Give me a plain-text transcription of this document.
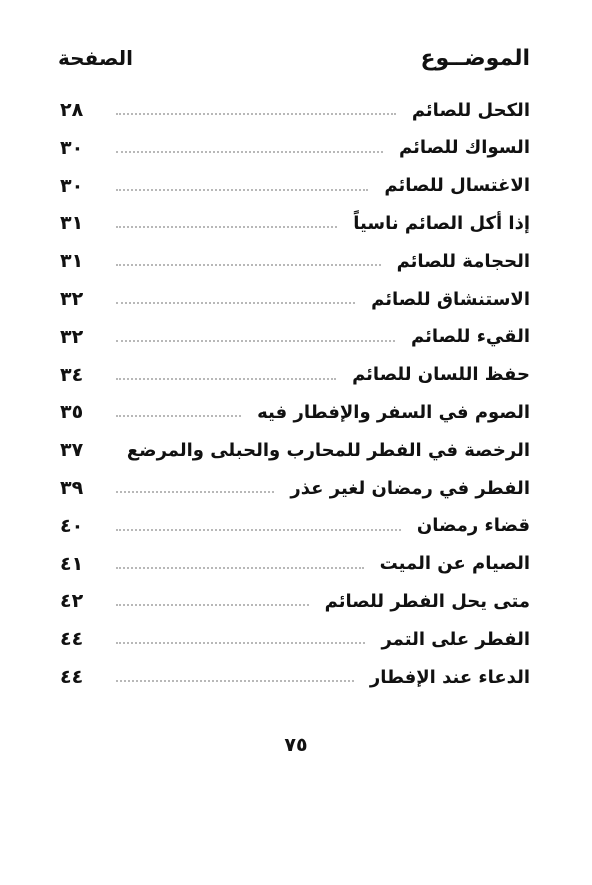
الموضــوع
الصفحة
الكحل للصائم
٢٨
السواك للصائم
٣٠
الاغتسال للصائم
٣٠
إذا أكل الصائم ناسياً
٣١
الحجامة للصائم
٣١
الاستنشاق للصائم
٣٢
القيء للصائم
٣٢
حفظ اللسان للصائم
٣٤
الصوم في السفر والإفطار فيه
٣٥
الرخصة في الفطر للمحارب والحبلى والمرضع
٣٧
الفطر في رمضان لغير عذر
٣٩
قضاء رمضان
٤٠
الصيام عن الميت
٤١
متى يحل الفطر للصائم
٤٢
الفطر على التمر
٤٤
الدعاء عند الإفطار
٤٤
٧٥
